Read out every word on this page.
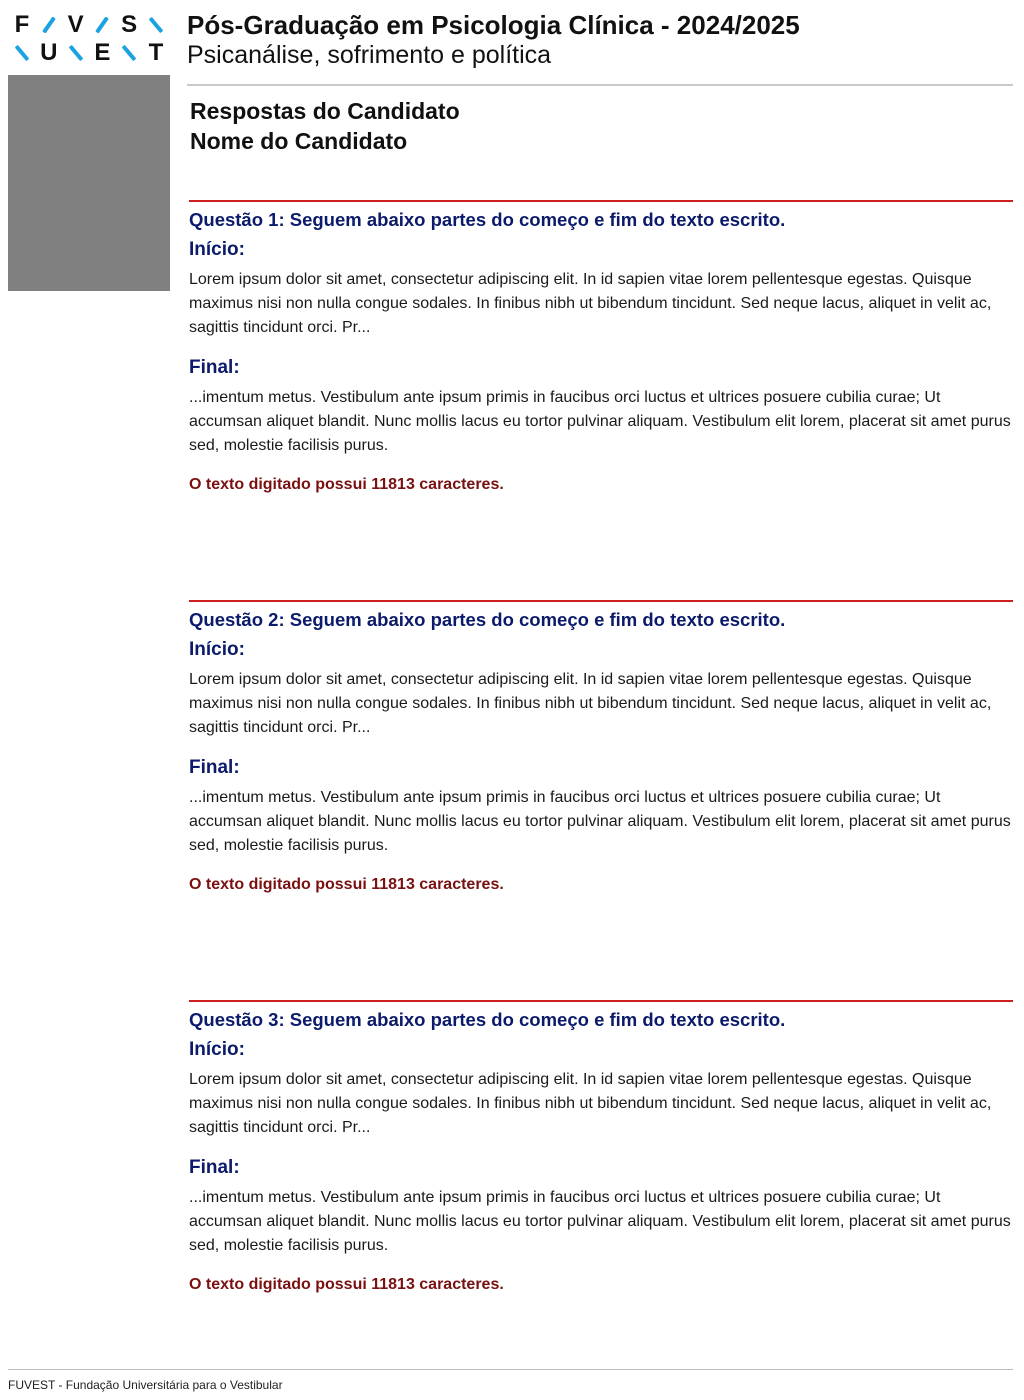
F V S
U E T
Pós-Graduação em Psicologia Clínica - 2024/2025
Psicanálise, sofrimento e política
Respostas do Candidato
Nome do Candidato
Questão 1: Seguem abaixo partes do começo e fim do texto escrito.
Início:

Lorem ipsum dolor sit amet, consectetur adipiscing elit. In id sapien vitae lorem pellentesque egestas. Quisque maximus nisi non nulla congue sodales. In finibus nibh ut bibendum tincidunt. Sed neque lacus, aliquet in velit ac, sagittis tincidunt orci. Pr...

Final:

...imentum metus. Vestibulum ante ipsum primis in faucibus orci luctus et ultrices posuere cubilia curae; Ut accumsan aliquet blandit. Nunc mollis lacus eu tortor pulvinar aliquam. Vestibulum elit lorem, placerat sit amet purus sed, molestie facilisis purus.

O texto digitado possui 11813 caracteres.
Questão 2: Seguem abaixo partes do começo e fim do texto escrito.
Início:

Lorem ipsum dolor sit amet, consectetur adipiscing elit. In id sapien vitae lorem pellentesque egestas. Quisque maximus nisi non nulla congue sodales. In finibus nibh ut bibendum tincidunt. Sed neque lacus, aliquet in velit ac, sagittis tincidunt orci. Pr...

Final:

...imentum metus. Vestibulum ante ipsum primis in faucibus orci luctus et ultrices posuere cubilia curae; Ut accumsan aliquet blandit. Nunc mollis lacus eu tortor pulvinar aliquam. Vestibulum elit lorem, placerat sit amet purus sed, molestie facilisis purus.

O texto digitado possui 11813 caracteres.
Questão 3: Seguem abaixo partes do começo e fim do texto escrito.
Início:

Lorem ipsum dolor sit amet, consectetur adipiscing elit. In id sapien vitae lorem pellentesque egestas. Quisque maximus nisi non nulla congue sodales. In finibus nibh ut bibendum tincidunt. Sed neque lacus, aliquet in velit ac, sagittis tincidunt orci. Pr...

Final:

...imentum metus. Vestibulum ante ipsum primis in faucibus orci luctus et ultrices posuere cubilia curae; Ut accumsan aliquet blandit. Nunc mollis lacus eu tortor pulvinar aliquam. Vestibulum elit lorem, placerat sit amet purus sed, molestie facilisis purus.

O texto digitado possui 11813 caracteres.
FUVEST - Fundação Universitária para o Vestibular
